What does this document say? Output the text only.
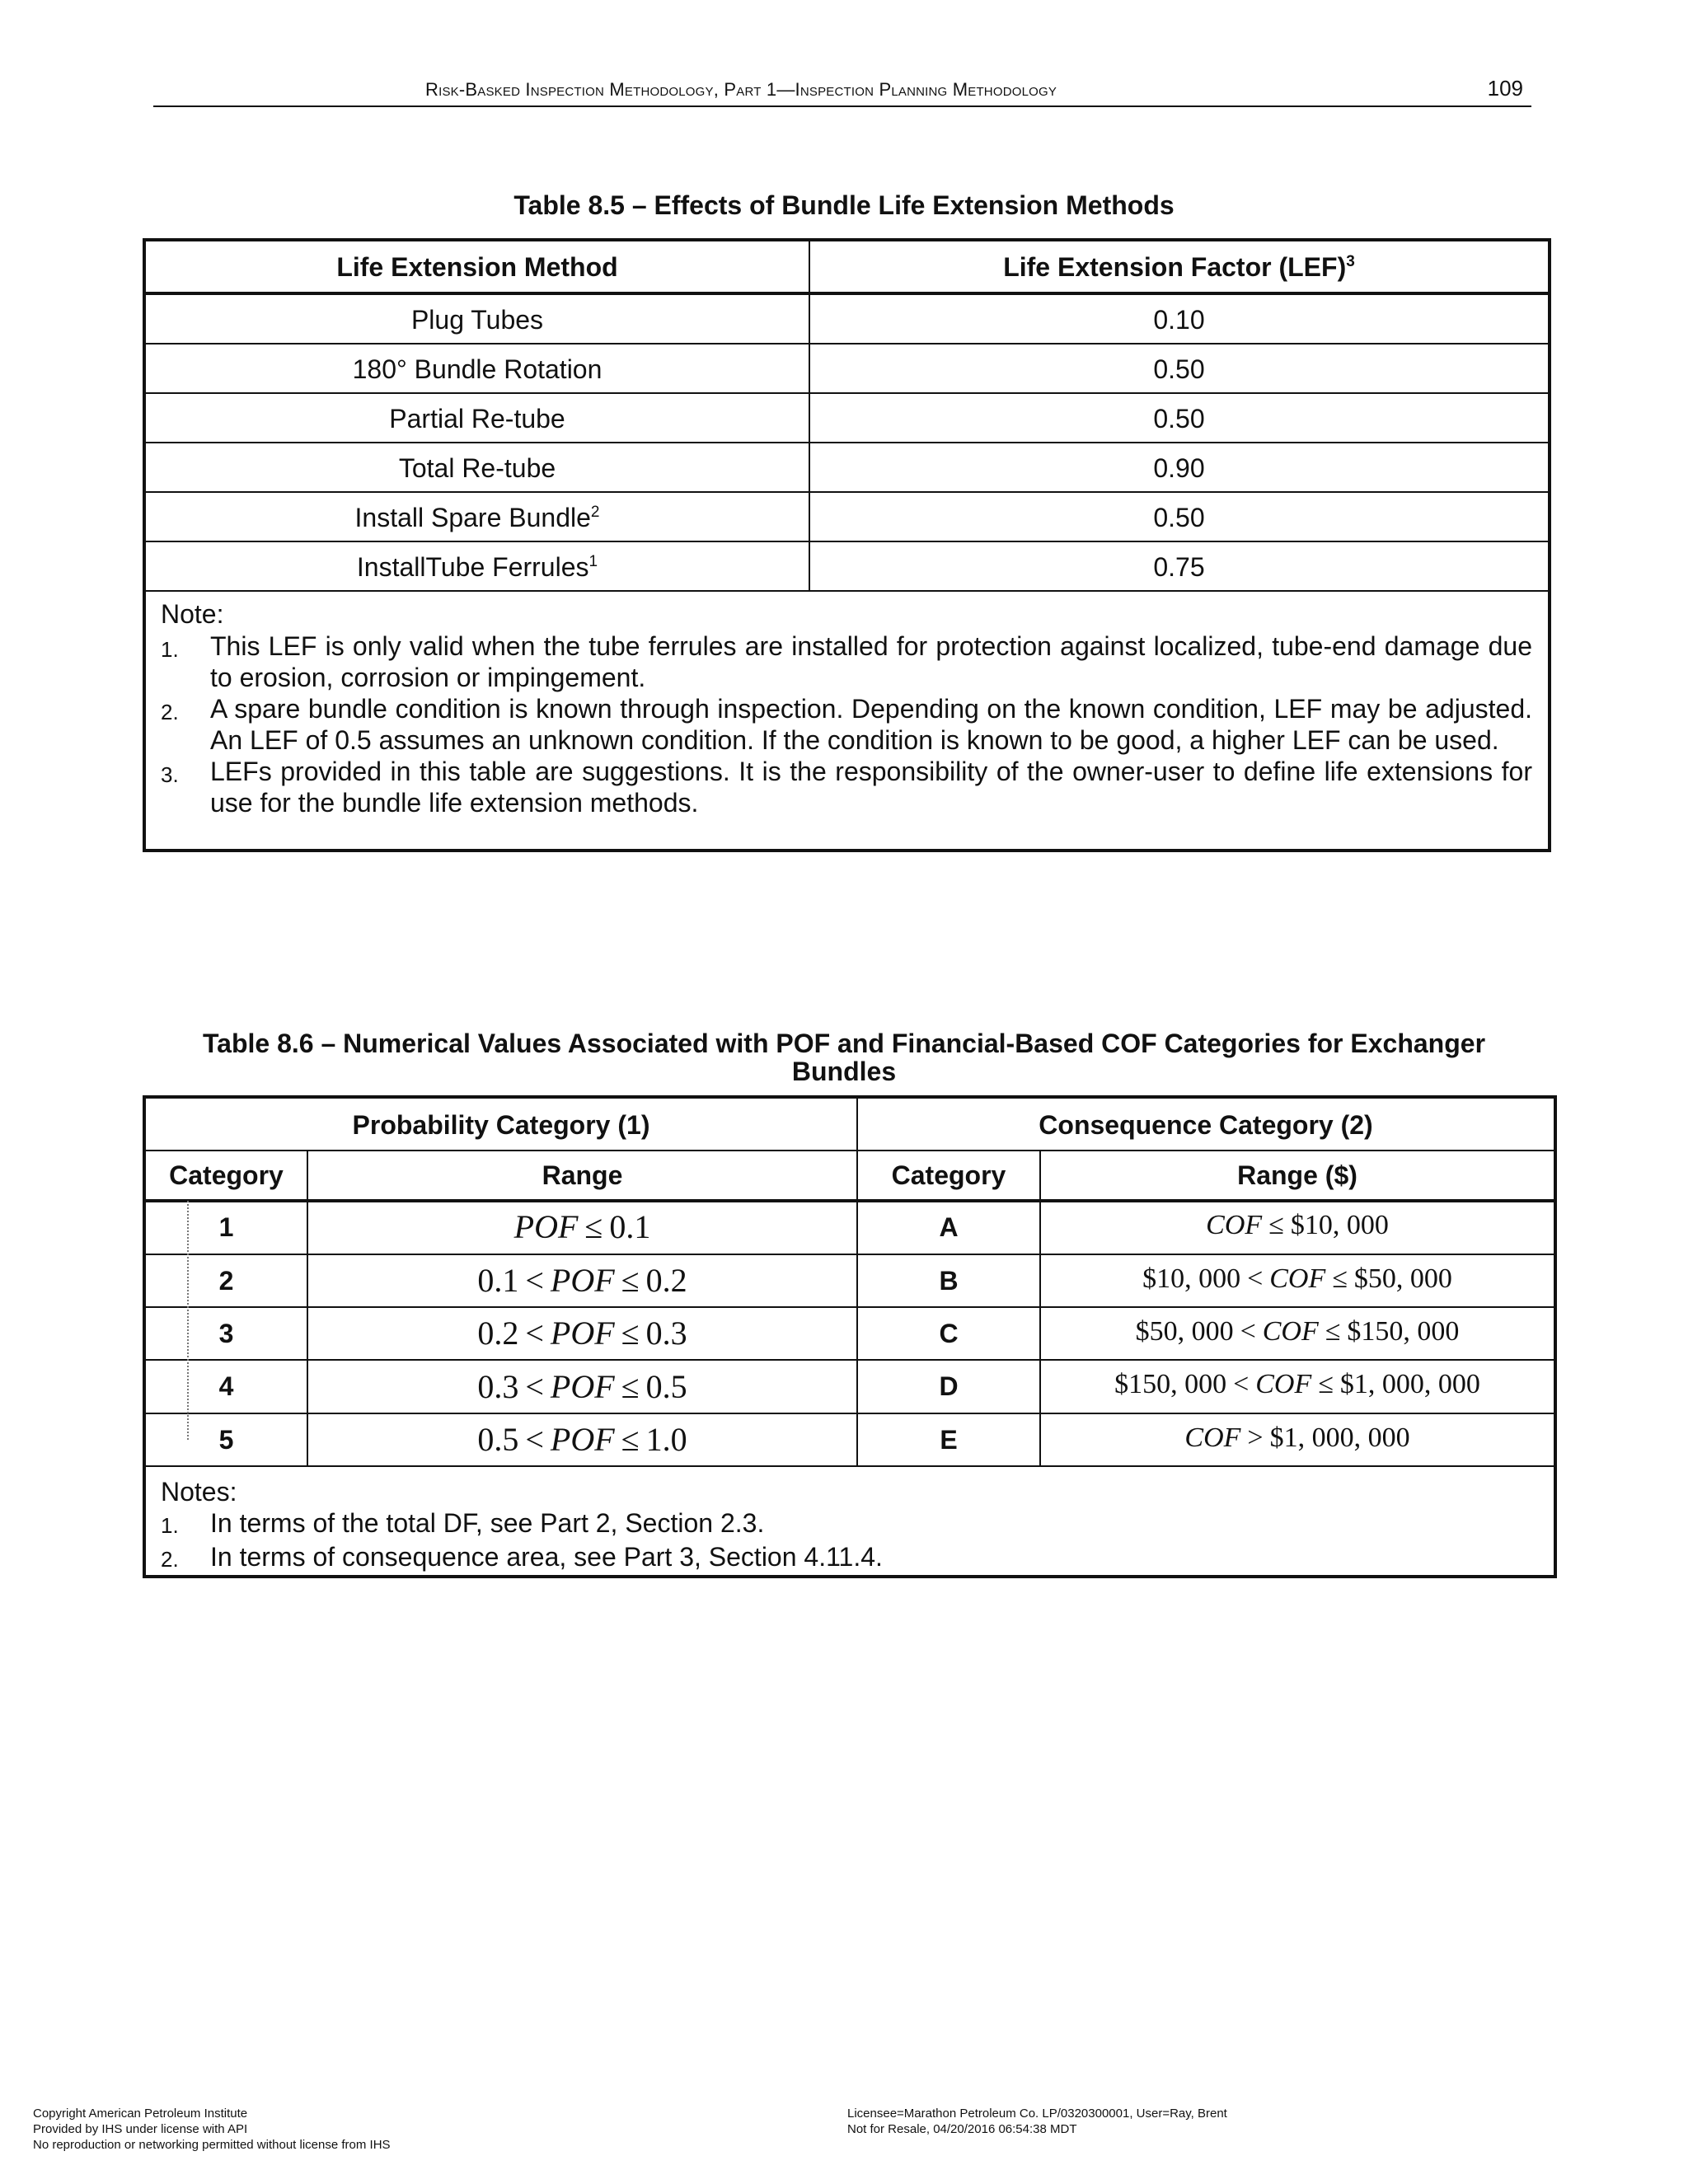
Risk-Basked Inspection Methodology, Part 1—Inspection Planning Methodology	109
Table 8.5 – Effects of Bundle Life Extension Methods
Life Extension Method	Life Extension Factor (LEF)$^3$
Plug Tubes	0.10
180° Bundle Rotation	0.50
Partial Re-tube	0.50
Total Re-tube	0.90
Install Spare Bundle$^2$	0.50
InstallTube Ferrules$^1$	0.75
Note:
1.	This LEF is only valid when the tube ferrules are installed for protection against localized, tube-end damage due to erosion, corrosion or impingement.
2.	A spare bundle condition is known through inspection. Depending on the known condition, LEF may be adjusted. An LEF of 0.5 assumes an unknown condition. If the condition is known to be good, a higher LEF can be used.
3.	LEFs provided in this table are suggestions. It is the responsibility of the owner-user to define life extensions for use for the bundle life extension methods.
Table 8.6 – Numerical Values Associated with POF and Financial-Based COF Categories for Exchanger
Bundles
Probability Category (1)	Consequence Category (2)
Category	Range	Category	Range ($)
1	POF ≤ 0.1	A	COF ≤ $10, 000
2	0.1 < POF ≤ 0.2	B	$10, 000 < COF ≤ $50, 000
3	0.2 < POF ≤ 0.3	C	$50, 000 < COF ≤ $150, 000
4	0.3 < POF ≤ 0.5	D	$150, 000 < COF ≤ $1, 000, 000
5	0.5 < POF ≤ 1.0	E	COF > $1, 000, 000
Notes:
1.	In terms of the total DF, see Part 2, Section 2.3.
2.	In terms of consequence area, see Part 3, Section 4.11.4.
Copyright American Petroleum Institute
Provided by IHS under license with API
No reproduction or networking permitted without license from IHS
Licensee=Marathon Petroleum Co. LP/0320300001, User=Ray, Brent
Not for Resale, 04/20/2016 06:54:38 MDT
